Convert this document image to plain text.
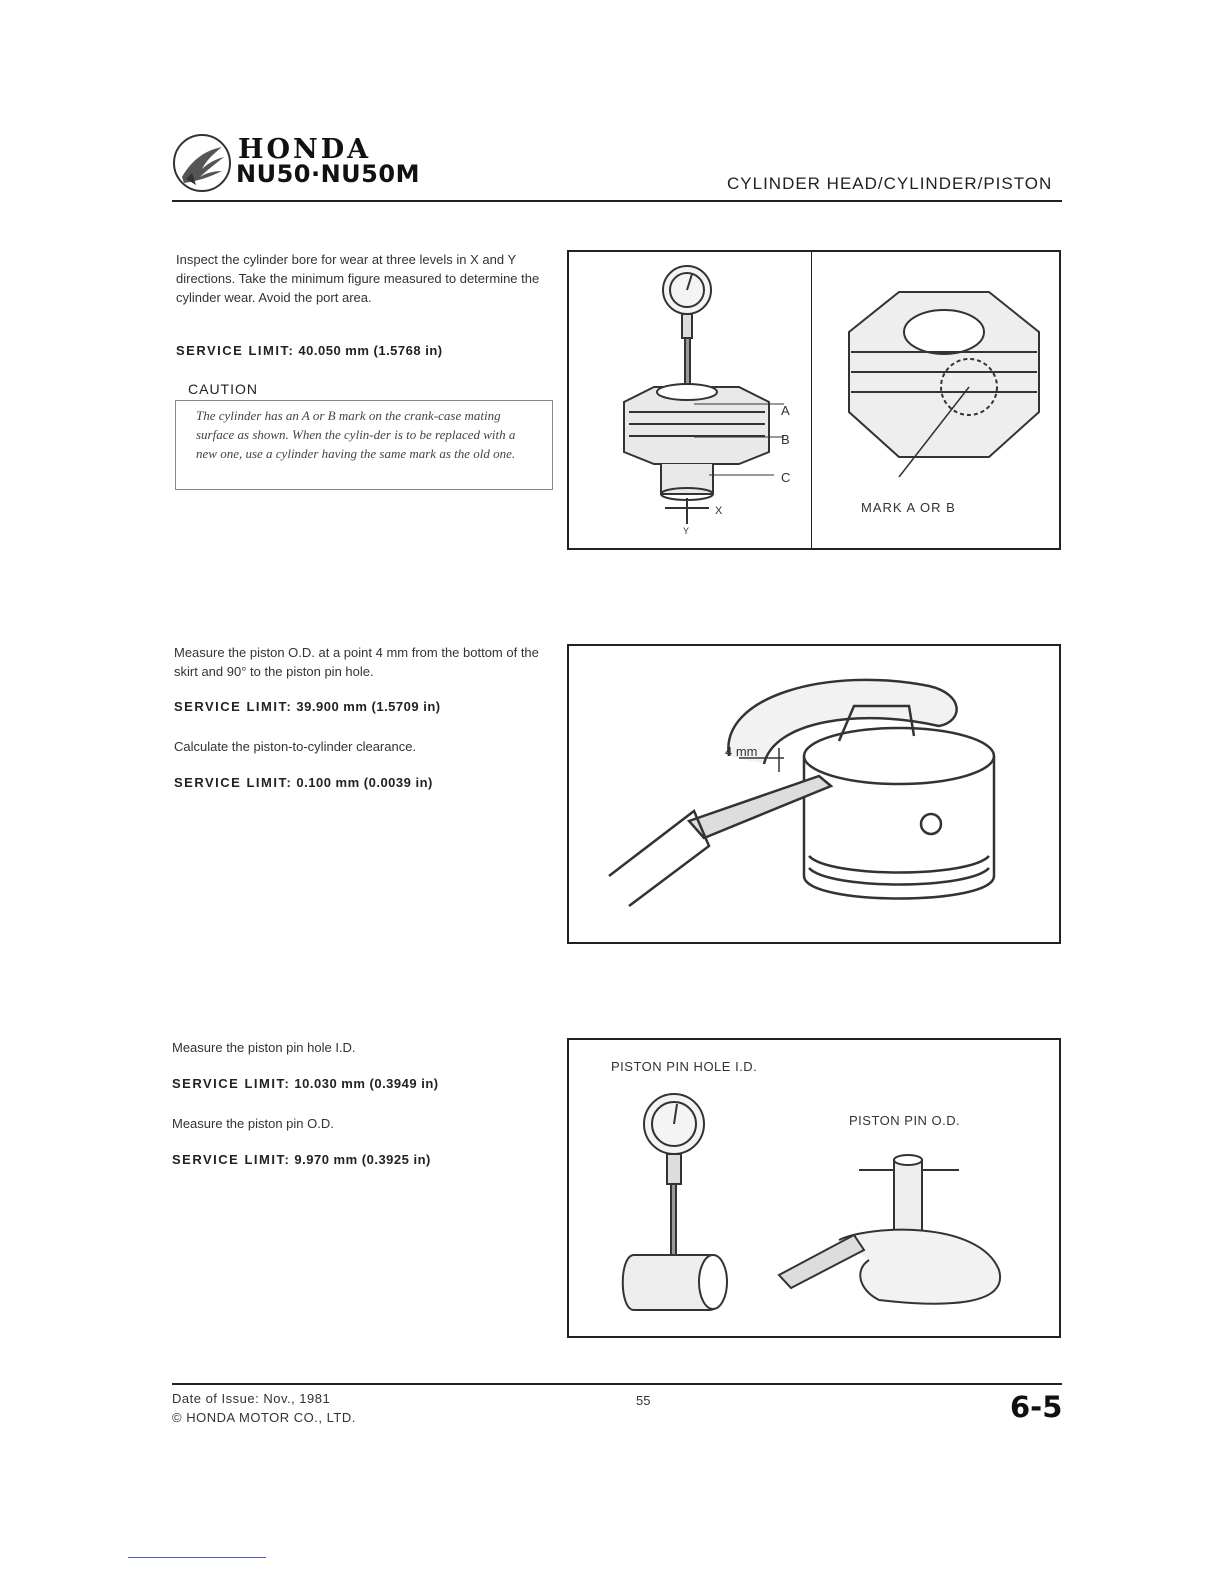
HONDA
NU50·NU50M	CYLINDER HEAD/CYLINDER/PISTON
Inspect the cylinder bore for wear at three levels in X and Y directions. Take the minimum figure measured to determine the cylinder wear. Avoid the port area.
SERVICE LIMIT: 40.050 mm (1.5768 in)
CAUTION
The cylinder has an A or B mark on the crank-case mating surface as shown. When the cylin-der is to be replaced with a new one, use a cylinder having the same mark as the old one.
A
B
C
X
Y
MARK A OR B
Measure the piston O.D. at a point 4 mm from the bottom of the skirt and 90° to the piston pin hole.
SERVICE LIMIT: 39.900 mm (1.5709 in)
Calculate the piston-to-cylinder clearance.
SERVICE LIMIT: 0.100 mm (0.0039 in)
4 mm
Measure the piston pin hole I.D.
SERVICE LIMIT: 10.030 mm (0.3949 in)
Measure the piston pin O.D.
SERVICE LIMIT: 9.970 mm (0.3925 in)
PISTON PIN HOLE I.D.
PISTON PIN O.D.
Date of Issue: Nov., 1981
© HONDA MOTOR CO., LTD.
55	6-5
